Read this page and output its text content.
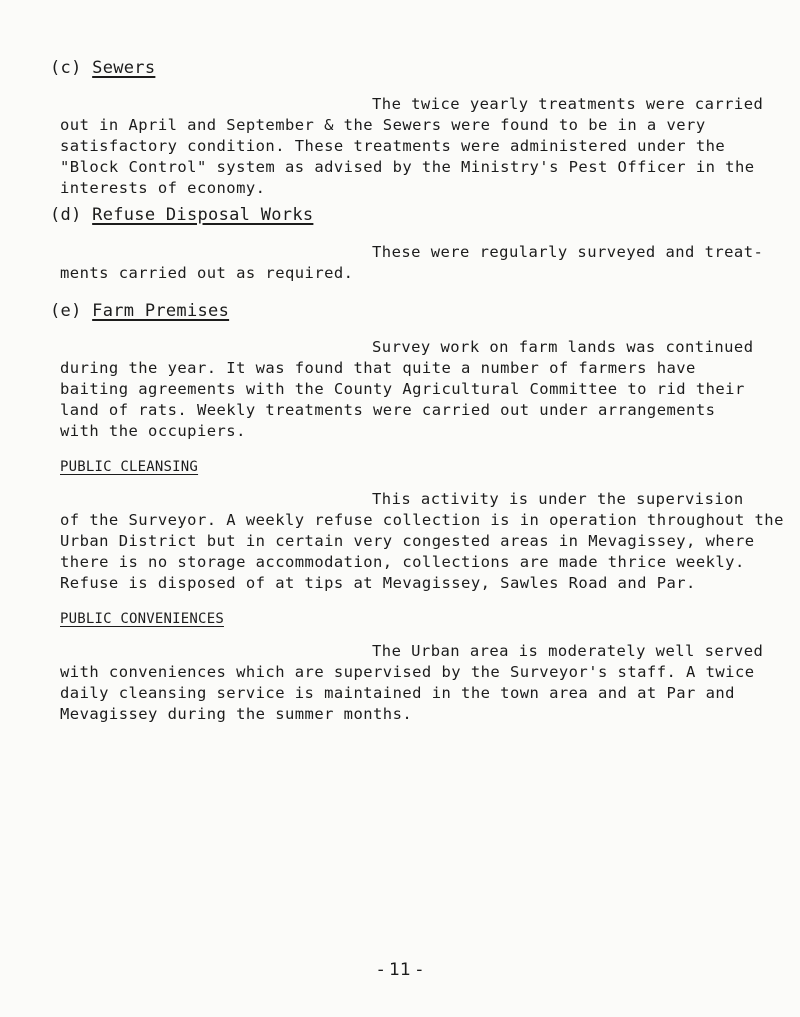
(c) Sewers
The twice yearly treatments were carried
out in April and September & the Sewers were found to be in a very
satisfactory condition. These treatments were administered under the
"Block Control" system as advised by the Ministry's Pest Officer in the
interests of economy.
(d) Refuse Disposal Works
These were regularly surveyed and treat-
ments carried out as required.
(e) Farm Premises
Survey work on farm lands was continued
during the year. It was found that quite a number of farmers have
baiting agreements with the County Agricultural Committee to rid their
land of rats. Weekly treatments were carried out under arrangements
with the occupiers.
PUBLIC CLEANSING
This activity is under the supervision
of the Surveyor. A weekly refuse collection is in operation throughout the
Urban District but in certain very congested areas in Mevagissey, where
there is no storage accommodation, collections are made thrice weekly.
Refuse is disposed of at tips at Mevagissey, Sawles Road and Par.
PUBLIC CONVENIENCES
The Urban area is moderately well served
with conveniences which are supervised by the Surveyor's staff. A twice
daily cleansing service is maintained in the town area and at Par and
Mevagissey during the summer months.
- 11 -
